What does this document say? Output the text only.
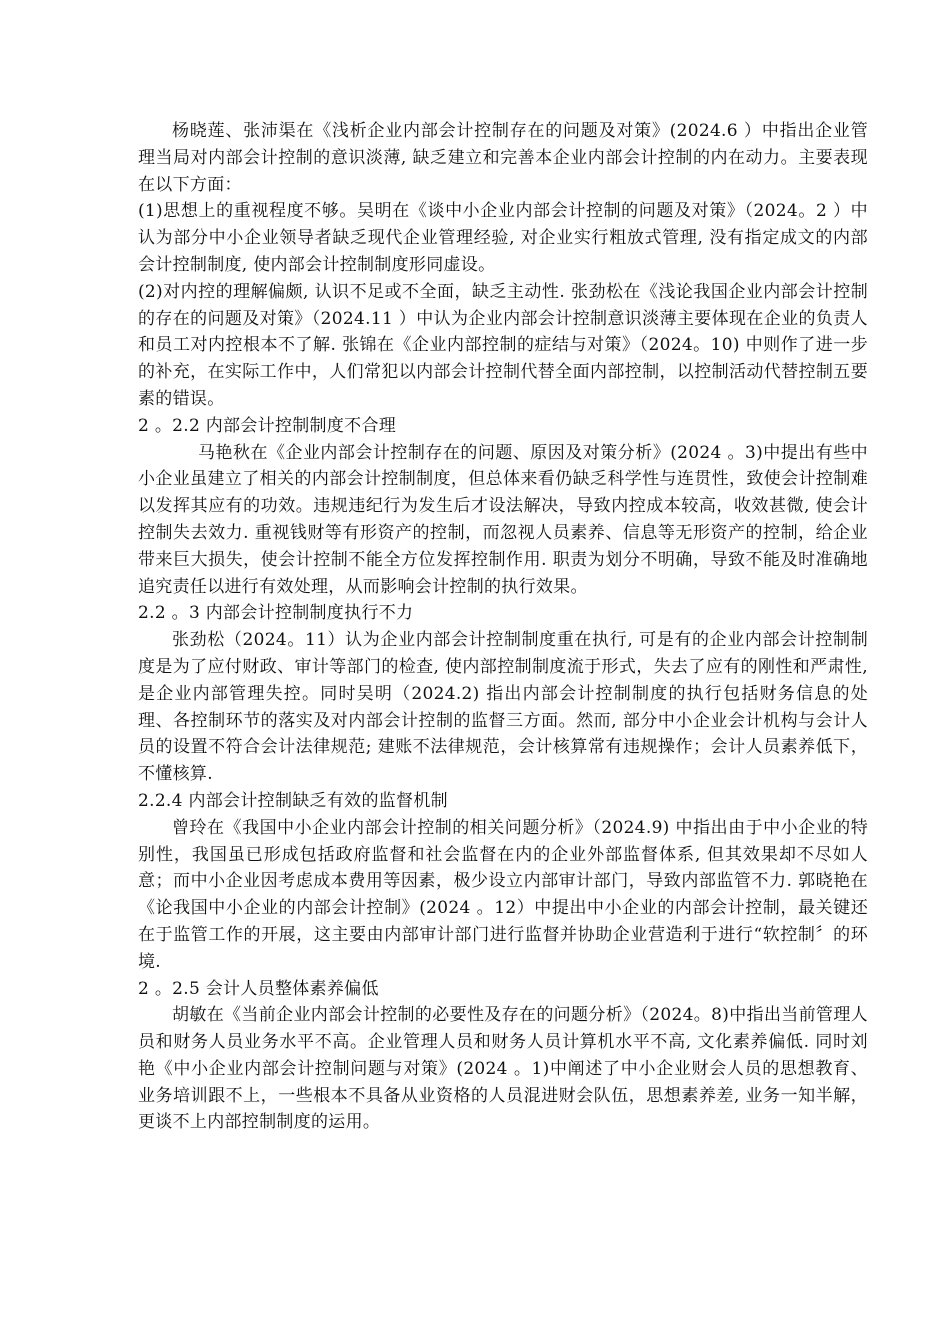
杨晓莲、张沛渠在《浅析企业内部会计控制存在的问题及对策》(2024.6 ）中指出企业管理当局对内部会计控制的意识淡薄, 缺乏建立和完善本企业内部会计控制的内在动力。主要表现在以下方面：

(1)思想上的重视程度不够。吴明在《谈中小企业内部会计控制的问题及对策》（2024。2 ）中认为部分中小企业领导者缺乏现代企业管理经验, 对企业实行粗放式管理, 没有指定成文的内部会计控制制度, 使内部会计控制制度形同虚设。

(2)对内控的理解偏颇, 认识不足或不全面，缺乏主动性. 张劲松在《浅论我国企业内部会计控制的存在的问题及对策》（2024.11 ）中认为企业内部会计控制意识淡薄主要体现在企业的负责人和员工对内控根本不了解. 张锦在《企业内部控制的症结与对策》（2024。10) 中则作了进一步的补充，在实际工作中，人们常犯以内部会计控制代替全面内部控制，以控制活动代替控制五要素的错误。

2 。2.2 内部会计控制制度不合理

马艳秋在《企业内部会计控制存在的问题、原因及对策分析》(2024 。3)中提出有些中小企业虽建立了相关的内部会计控制制度，但总体来看仍缺乏科学性与连贯性，致使会计控制难以发挥其应有的功效。违规违纪行为发生后才设法解决，导致内控成本较高，收效甚微, 使会计控制失去效力. 重视钱财等有形资产的控制，而忽视人员素养、信息等无形资产的控制，给企业带来巨大损失，使会计控制不能全方位发挥控制作用. 职责为划分不明确，导致不能及时准确地追究责任以进行有效处理，从而影响会计控制的执行效果。

2.2 。3 内部会计控制制度执行不力

张劲松（2024。11）认为企业内部会计控制制度重在执行, 可是有的企业内部会计控制制度是为了应付财政、审计等部门的检查, 使内部控制制度流于形式，失去了应有的刚性和严肃性, 是企业内部管理失控。同时吴明（2024.2) 指出内部会计控制制度的执行包括财务信息的处理、各控制环节的落实及对内部会计控制的监督三方面。然而, 部分中小企业会计机构与会计人员的设置不符合会计法律规范; 建账不法律规范，会计核算常有违规操作；会计人员素养低下，不懂核算.

2.2.4 内部会计控制缺乏有效的监督机制

曾玲在《我国中小企业内部会计控制的相关问题分析》（2024.9) 中指出由于中小企业的特别性，我国虽已形成包括政府监督和社会监督在内的企业外部监督体系, 但其效果却不尽如人意；而中小企业因考虑成本费用等因素，极少设立内部审计部门，导致内部监管不力. 郭晓艳在《论我国中小企业的内部会计控制》(2024 。12）中提出中小企业的内部会计控制，最关键还在于监管工作的开展，这主要由内部审计部门进行监督并协助企业营造利于进行“软控制〞的环境.

2 。2.5 会计人员整体素养偏低

胡敏在《当前企业内部会计控制的必要性及存在的问题分析》（2024。8)中指出当前管理人员和财务人员业务水平不高。企业管理人员和财务人员计算机水平不高, 文化素养偏低. 同时刘艳《中小企业内部会计控制问题与对策》(2024 。1)中阐述了中小企业财会人员的思想教育、业务培训跟不上，一些根本不具备从业资格的人员混进财会队伍，思想素养差, 业务一知半解，更谈不上内部控制制度的运用。
